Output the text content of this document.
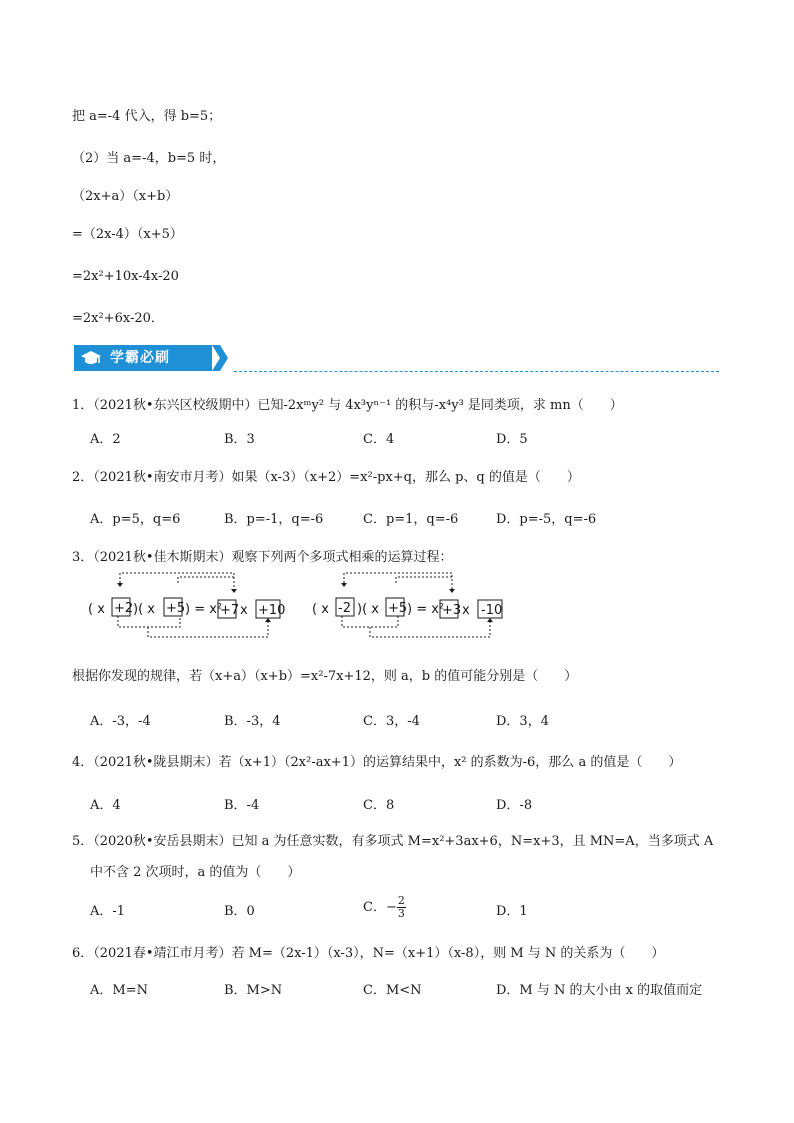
把 a=-4 代入，得 b=5；
（2）当 a=-4，b=5 时，
（2x+a）（x+b）
=（2x-4）（x+5）
=2x²+10x-4x-20
=2x²+6x-20．
学霸必刷
1．（2021秋•东兴区校级期中）已知-2xᵐy² 与 4x³yⁿ⁻¹ 的积与-x⁴y³ 是同类项，求 mn（　　）
A．2	B．3	C．4	D．5
2．（2021秋•南安市月考）如果（x-3）（x+2）=x²-px+q，那么 p、q 的值是（　　）
A．p=5，q=6	B．p=-1，q=-6	C．p=1，q=-6	D．p=-5，q=-6
3．（2021秋•佳木斯期末）观察下列两个多项式相乘的运算过程：
( x +2 )( x +5 ) = x²
+7 x +10 ( x -2 )( x +5 ) = x²
+3 x -10
根据你发现的规律，若（x+a）（x+b）=x²-7x+12，则 a，b 的值可能分别是（　　）
A．-3，-4	B．-3，4	C．3，-4	D．3，4
4．（2021秋•陇县期末）若（x+1）（2x²-ax+1）的运算结果中，x² 的系数为-6，那么 a 的值是（　　）
A．4	B．-4	C．8	D．-8
5．（2020秋•安岳县期末）已知 a 为任意实数，有多项式 M=x²+3ax+6，N=x+3，且 MN=A，当多项式 A
中不含 2 次项时，a 的值为（　　）
A．-1	B．0	C．− $\frac{2}{3}$	D．1
6．（2021春•靖江市月考）若 M=（2x-1）（x-3），N=（x+1）（x-8），则 M 与 N 的关系为（　　）
A．M=N	B．M>N	C．M<N	D．M 与 N 的大小由 x 的取值而定
